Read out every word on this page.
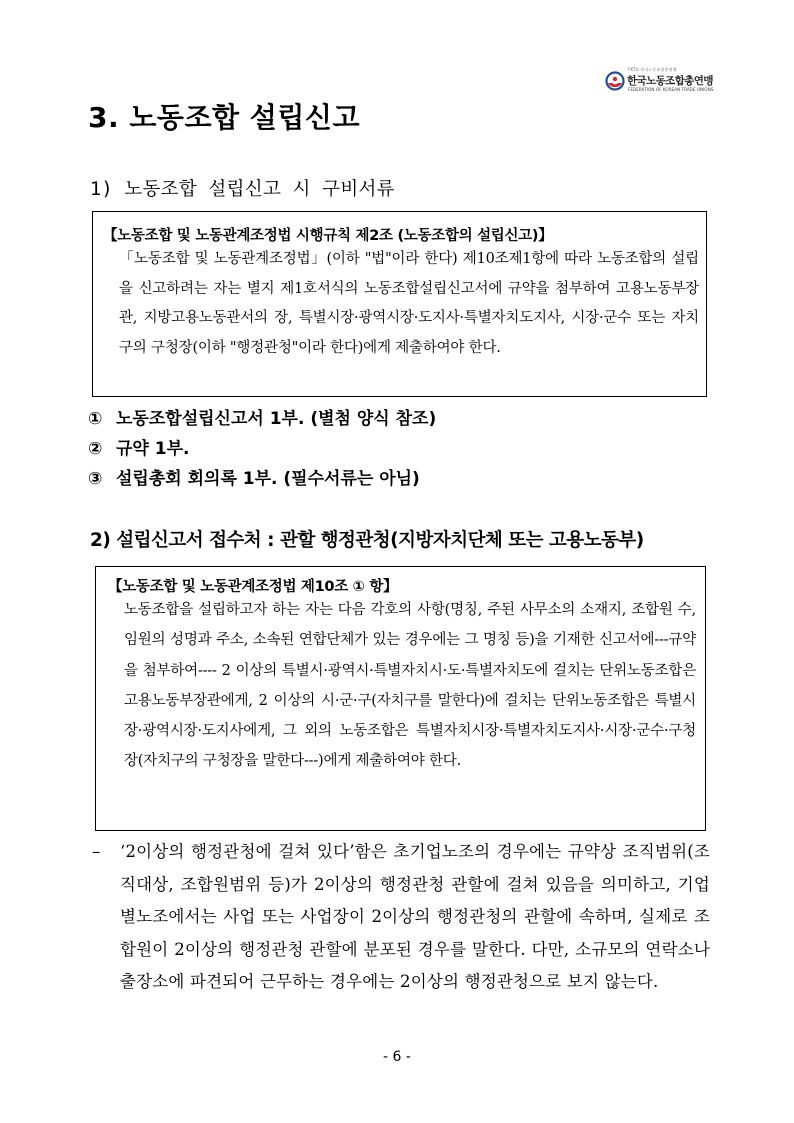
FKTU 한국노동조합총연맹
한국노동조합총연맹
FEDERATION OF KOREAN TRADE UNIONS
3. 노동조합 설립신고
1) 노동조합 설립신고 시 구비서류
【노동조합 및 노동관계조정법 시행규칙 제2조 (노동조합의 설립신고)】
「노동조합 및 노동관계조정법」(이하 "법"이라 한다) 제10조제1항에 따라 노동조합의 설립을 신고하려는 자는 별지 제1호서식의 노동조합설립신고서에 규약을 첨부하여 고용노동부장관, 지방고용노동관서의 장, 특별시장·광역시장·도지사·특별자치도지사, 시장·군수 또는 자치구의 구청장(이하 "행정관청"이라 한다)에게 제출하여야 한다.
① 노동조합설립신고서 1부. (별첨 양식 참조)
② 규약 1부.
③ 설립총회 회의록 1부. (필수서류는 아님)
2) 설립신고서 접수처 : 관할 행정관청(지방자치단체 또는 고용노동부)
【노동조합 및 노동관계조정법 제10조 ① 항】
노동조합을 설립하고자 하는 자는 다음 각호의 사항(명칭, 주된 사무소의 소재지, 조합원 수, 임원의 성명과 주소, 소속된 연합단체가 있는 경우에는 그 명칭 등)을 기재한 신고서에---규약을 첨부하여---- 2 이상의 특별시·광역시·특별자치시·도·특별자치도에 걸치는 단위노동조합은 고용노동부장관에게, 2 이상의 시·군·구(자치구를 말한다)에 걸치는 단위노동조합은 특별시장·광역시장·도지사에게, 그 외의 노동조합은 특별자치시장·특별자치도지사·시장·군수·구청장(자치구의 구청장을 말한다---)에게 제출하여야 한다.
– ‘2이상의 행정관청에 걸쳐 있다’함은 초기업노조의 경우에는 규약상 조직범위(조직대상, 조합원범위 등)가 2이상의 행정관청 관할에 걸쳐 있음을 의미하고, 기업별노조에서는 사업 또는 사업장이 2이상의 행정관청의 관할에 속하며, 실제로 조합원이 2이상의 행정관청 관할에 분포된 경우를 말한다. 다만, 소규모의 연락소나 출장소에 파견되어 근무하는 경우에는 2이상의 행정관청으로 보지 않는다.
- 6 -
